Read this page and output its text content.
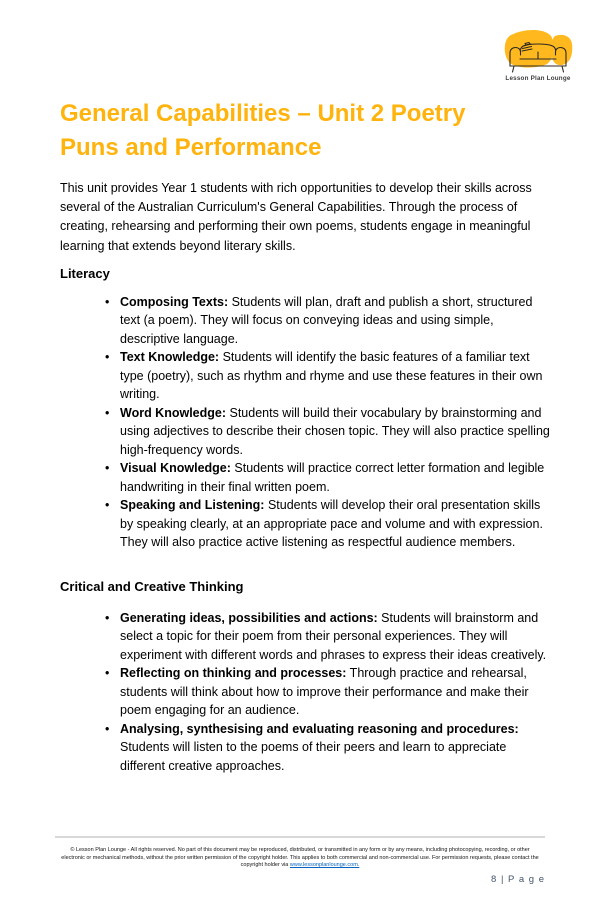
Lesson Plan Lounge
General Capabilities – Unit 2 Poetry
Puns and Performance

This unit provides Year 1 students with rich opportunities to develop their skills across several of the Australian Curriculum's General Capabilities. Through the process of creating, rehearsing and performing their own poems, students engage in meaningful learning that extends beyond literary skills.

Literacy
• Composing Texts: Students will plan, draft and publish a short, structured text (a poem). They will focus on conveying ideas and using simple, descriptive language.
• Text Knowledge: Students will identify the basic features of a familiar text type (poetry), such as rhythm and rhyme and use these features in their own writing.
• Word Knowledge: Students will build their vocabulary by brainstorming and using adjectives to describe their chosen topic. They will also practice spelling high-frequency words.
• Visual Knowledge: Students will practice correct letter formation and legible handwriting in their final written poem.
• Speaking and Listening: Students will develop their oral presentation skills by speaking clearly, at an appropriate pace and volume and with expression. They will also practice active listening as respectful audience members.
Critical and Creative Thinking
• Generating ideas, possibilities and actions: Students will brainstorm and select a topic for their poem from their personal experiences. They will experiment with different words and phrases to express their ideas creatively.
• Reflecting on thinking and processes: Through practice and rehearsal, students will think about how to improve their performance and make their poem engaging for an audience.
• Analysing, synthesising and evaluating reasoning and procedures: Students will listen to the poems of their peers and learn to appreciate different creative approaches.

© Lesson Plan Lounge - All rights reserved. No part of this document may be reproduced, distributed, or transmitted in any form or by any means, including photocopying, recording, or other electronic or mechanical methods, without the prior written permission of the copyright holder. This applies to both commercial and non-commercial use. For permission requests, please contact the copyright holder via www.lessonplanlounge.com.

8 | P a g e
